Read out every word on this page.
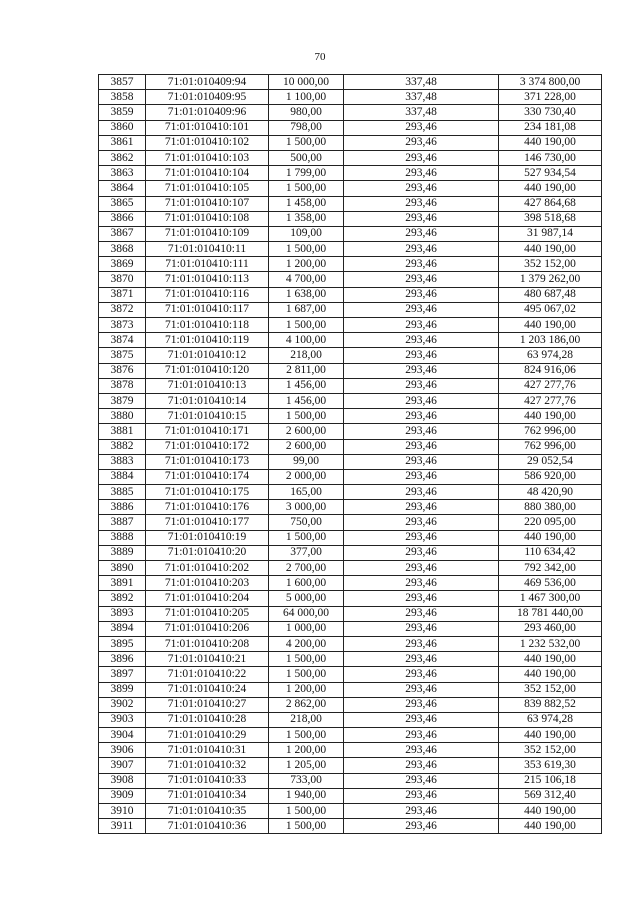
70
3857	71:01:010409:94	10 000,00	337,48	3 374 800,00
3858	71:01:010409:95	1 100,00	337,48	371 228,00
3859	71:01:010409:96	980,00	337,48	330 730,40
3860	71:01:010410:101	798,00	293,46	234 181,08
3861	71:01:010410:102	1 500,00	293,46	440 190,00
3862	71:01:010410:103	500,00	293,46	146 730,00
3863	71:01:010410:104	1 799,00	293,46	527 934,54
3864	71:01:010410:105	1 500,00	293,46	440 190,00
3865	71:01:010410:107	1 458,00	293,46	427 864,68
3866	71:01:010410:108	1 358,00	293,46	398 518,68
3867	71:01:010410:109	109,00	293,46	31 987,14
3868	71:01:010410:11	1 500,00	293,46	440 190,00
3869	71:01:010410:111	1 200,00	293,46	352 152,00
3870	71:01:010410:113	4 700,00	293,46	1 379 262,00
3871	71:01:010410:116	1 638,00	293,46	480 687,48
3872	71:01:010410:117	1 687,00	293,46	495 067,02
3873	71:01:010410:118	1 500,00	293,46	440 190,00
3874	71:01:010410:119	4 100,00	293,46	1 203 186,00
3875	71:01:010410:12	218,00	293,46	63 974,28
3876	71:01:010410:120	2 811,00	293,46	824 916,06
3878	71:01:010410:13	1 456,00	293,46	427 277,76
3879	71:01:010410:14	1 456,00	293,46	427 277,76
3880	71:01:010410:15	1 500,00	293,46	440 190,00
3881	71:01:010410:171	2 600,00	293,46	762 996,00
3882	71:01:010410:172	2 600,00	293,46	762 996,00
3883	71:01:010410:173	99,00	293,46	29 052,54
3884	71:01:010410:174	2 000,00	293,46	586 920,00
3885	71:01:010410:175	165,00	293,46	48 420,90
3886	71:01:010410:176	3 000,00	293,46	880 380,00
3887	71:01:010410:177	750,00	293,46	220 095,00
3888	71:01:010410:19	1 500,00	293,46	440 190,00
3889	71:01:010410:20	377,00	293,46	110 634,42
3890	71:01:010410:202	2 700,00	293,46	792 342,00
3891	71:01:010410:203	1 600,00	293,46	469 536,00
3892	71:01:010410:204	5 000,00	293,46	1 467 300,00
3893	71:01:010410:205	64 000,00	293,46	18 781 440,00
3894	71:01:010410:206	1 000,00	293,46	293 460,00
3895	71:01:010410:208	4 200,00	293,46	1 232 532,00
3896	71:01:010410:21	1 500,00	293,46	440 190,00
3897	71:01:010410:22	1 500,00	293,46	440 190,00
3899	71:01:010410:24	1 200,00	293,46	352 152,00
3902	71:01:010410:27	2 862,00	293,46	839 882,52
3903	71:01:010410:28	218,00	293,46	63 974,28
3904	71:01:010410:29	1 500,00	293,46	440 190,00
3906	71:01:010410:31	1 200,00	293,46	352 152,00
3907	71:01:010410:32	1 205,00	293,46	353 619,30
3908	71:01:010410:33	733,00	293,46	215 106,18
3909	71:01:010410:34	1 940,00	293,46	569 312,40
3910	71:01:010410:35	1 500,00	293,46	440 190,00
3911	71:01:010410:36	1 500,00	293,46	440 190,00
